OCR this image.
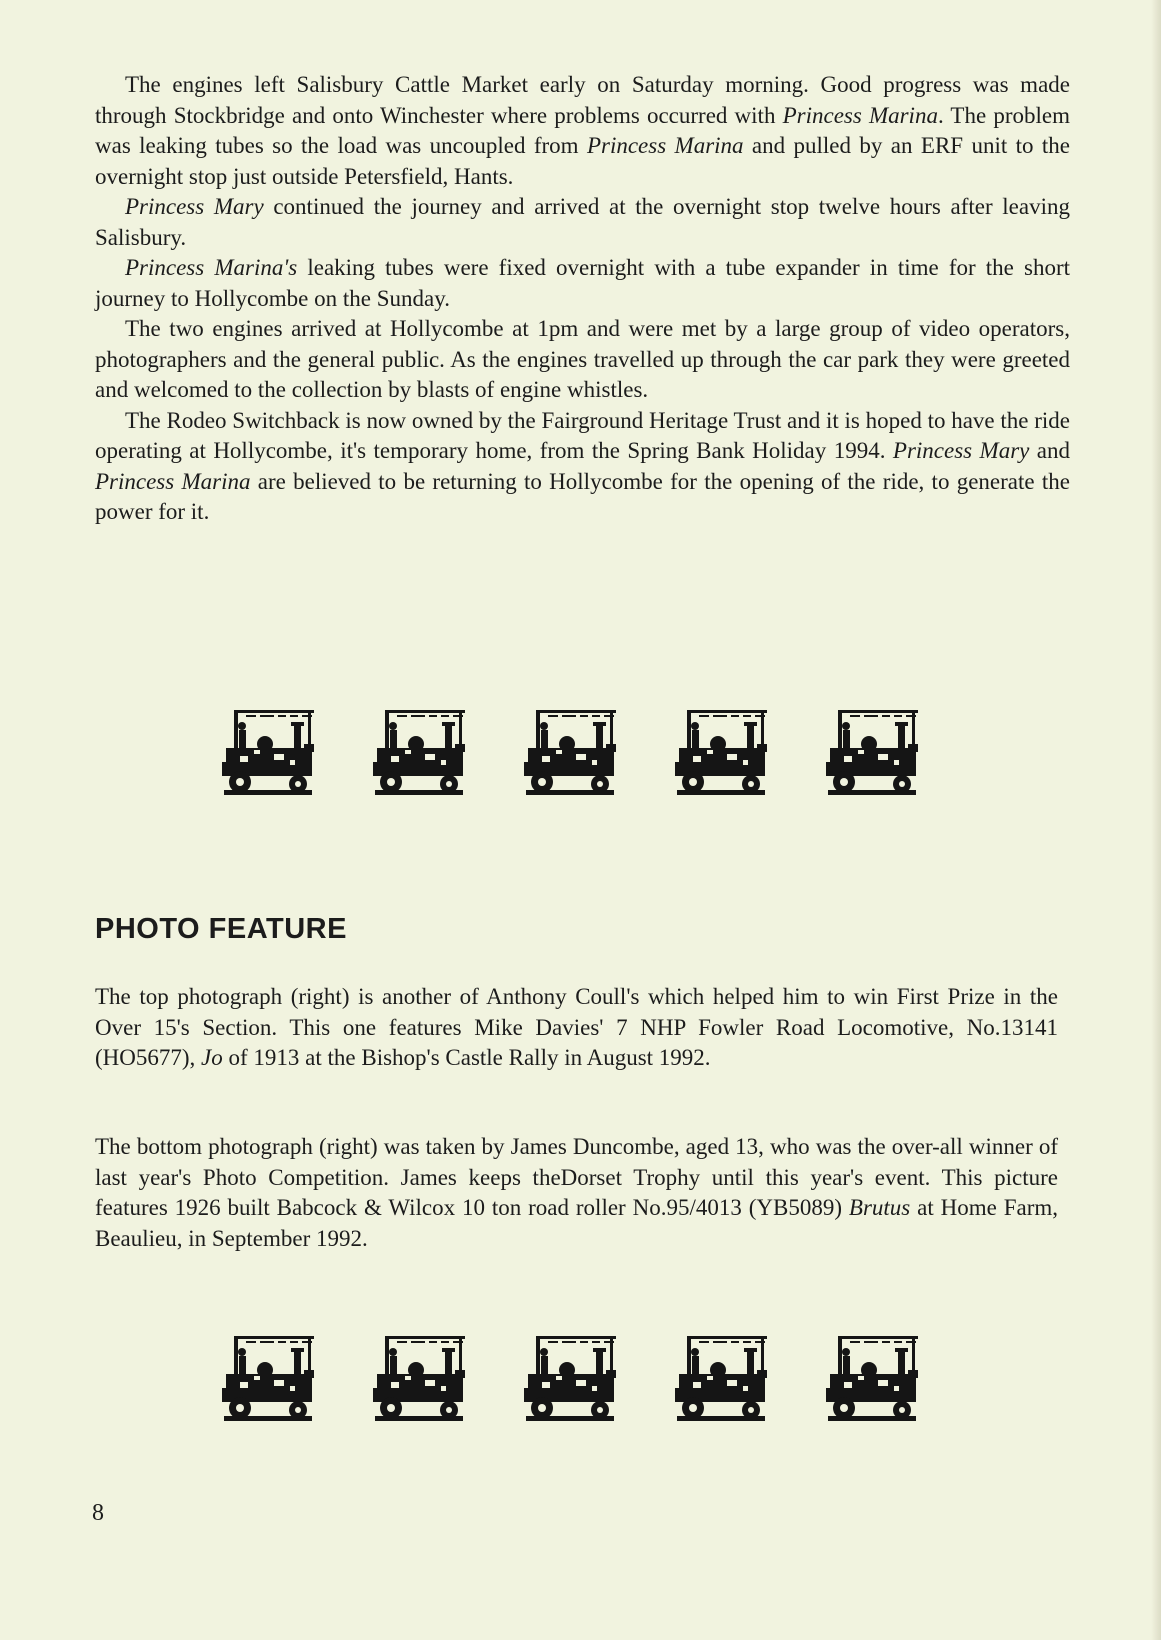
The engines left Salisbury Cattle Market early on Saturday morning. Good progress was made through Stockbridge and onto Winchester where problems occurred with Princess Marina. The problem was leaking tubes so the load was uncoupled from Princess Marina and pulled by an ERF unit to the overnight stop just outside Petersfield, Hants.

Princess Mary continued the journey and arrived at the overnight stop twelve hours after leaving Salisbury.

Princess Marina's leaking tubes were fixed overnight with a tube expander in time for the short journey to Hollycombe on the Sunday.

The two engines arrived at Hollycombe at 1pm and were met by a large group of video operators, photographers and the general public. As the engines travelled up through the car park they were greeted and welcomed to the collection by blasts of engine whistles.

The Rodeo Switchback is now owned by the Fairground Heritage Trust and it is hoped to have the ride operating at Hollycombe, it's temporary home, from the Spring Bank Holiday 1994. Princess Mary and Princess Marina are believed to be returning to Hollycombe for the opening of the ride, to generate the power for it.

PHOTO FEATURE

The top photograph (right) is another of Anthony Coull's which helped him to win First Prize in the Over 15's Section. This one features Mike Davies' 7 NHP Fowler Road Locomotive, No.13141 (HO5677), Jo of 1913 at the Bishop's Castle Rally in August 1992.

The bottom photograph (right) was taken by James Duncombe, aged 13, who was the over-all winner of last year's Photo Competition. James keeps theDorset Trophy until this year's event. This picture features 1926 built Babcock & Wilcox 10 ton road roller No.95/4013 (YB5089) Brutus at Home Farm, Beaulieu, in September 1992.

8
